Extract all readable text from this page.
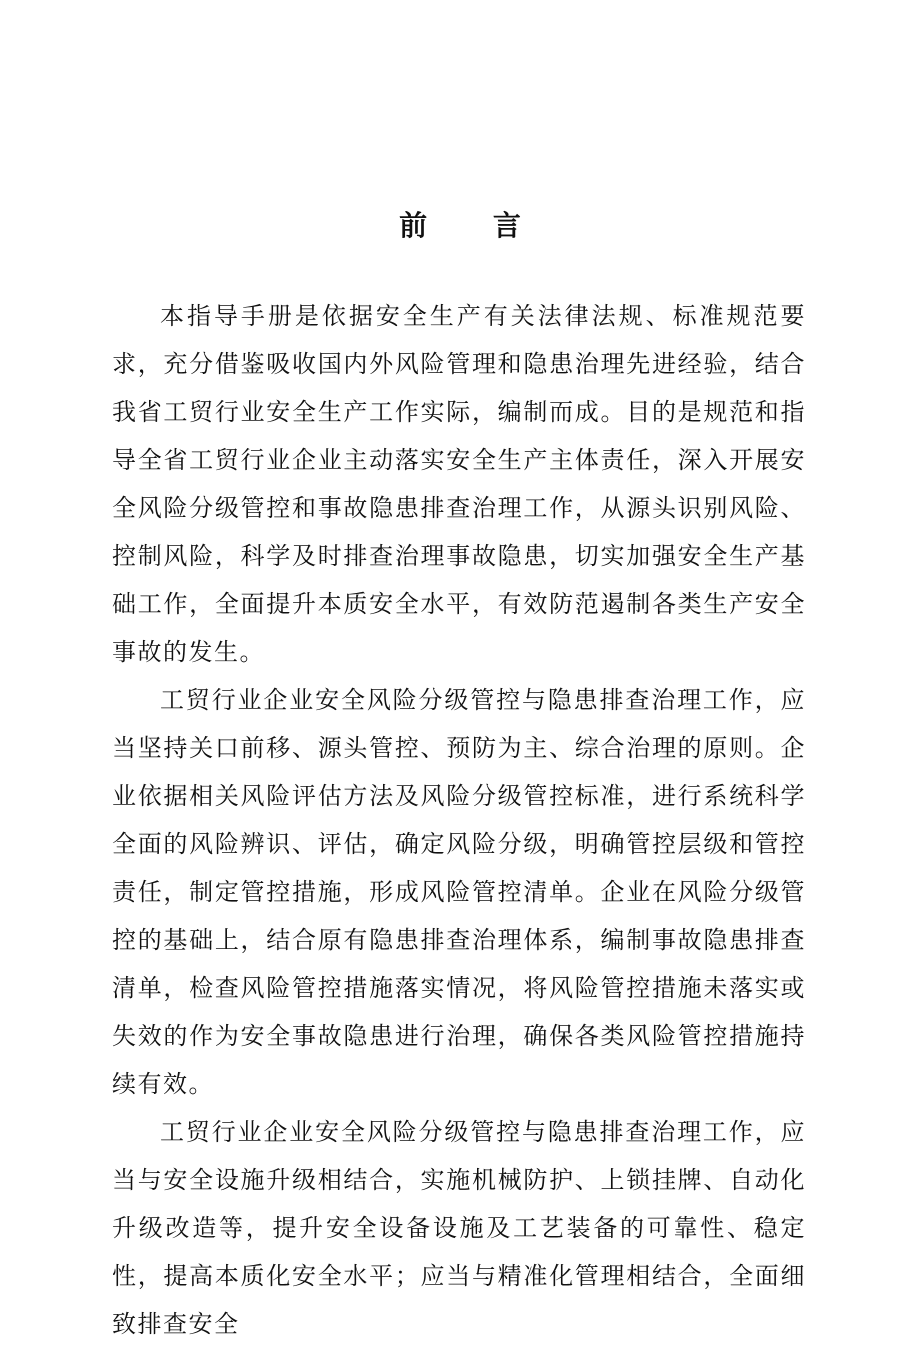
前 言

本指导手册是依据安全生产有关法律法规、标准规范要求，充分借鉴吸收国内外风险管理和隐患治理先进经验，结合我省工贸行业安全生产工作实际，编制而成。目的是规范和指导全省工贸行业企业主动落实安全生产主体责任，深入开展安全风险分级管控和事故隐患排查治理工作，从源头识别风险、控制风险，科学及时排查治理事故隐患，切实加强安全生产基础工作，全面提升本质安全水平，有效防范遏制各类生产安全事故的发生。

工贸行业企业安全风险分级管控与隐患排查治理工作，应当坚持关口前移、源头管控、预防为主、综合治理的原则。企业依据相关风险评估方法及风险分级管控标准，进行系统科学全面的风险辨识、评估，确定风险分级，明确管控层级和管控责任，制定管控措施，形成风险管控清单。企业在风险分级管控的基础上，结合原有隐患排查治理体系，编制事故隐患排查清单，检查风险管控措施落实情况，将风险管控措施未落实或失效的作为安全事故隐患进行治理，确保各类风险管控措施持续有效。

工贸行业企业安全风险分级管控与隐患排查治理工作，应当与安全设施升级相结合，实施机械防护、上锁挂牌、自动化升级改造等，提升安全设备设施及工艺装备的可靠性、稳定性，提高本质化安全水平；应当与精准化管理相结合，全面细致排查安全
